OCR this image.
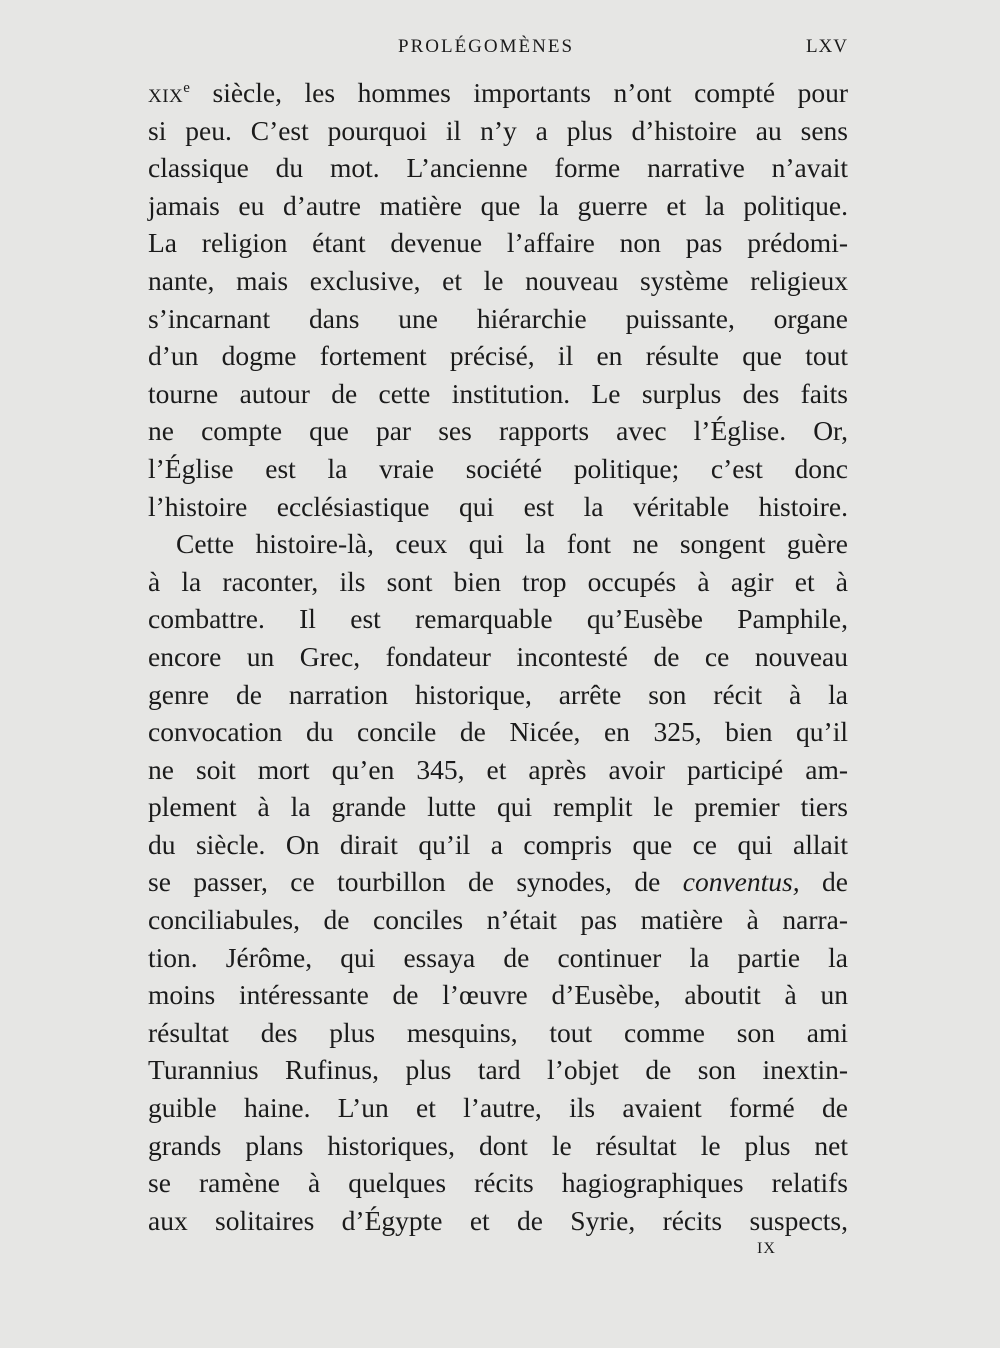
PROLÉGOMÈNES	LXV
XIXe siècle, les hommes importants n’ont compté pour
si peu. C’est pourquoi il n’y a plus d’histoire au sens
classique du mot. L’ancienne forme narrative n’avait
jamais eu d’autre matière que la guerre et la politique.
La religion étant devenue l’affaire non pas prédomi-
nante, mais exclusive, et le nouveau système religieux
s’incarnant dans une hiérarchie puissante, organe
d’un dogme fortement précisé, il en résulte que tout
tourne autour de cette institution. Le surplus des faits
ne compte que par ses rapports avec l’Église. Or,
l’Église est la vraie société politique; c’est donc
l’histoire ecclésiastique qui est la véritable histoire.
Cette histoire-là, ceux qui la font ne songent guère
à la raconter, ils sont bien trop occupés à agir et à
combattre. Il est remarquable qu’Eusèbe Pamphile,
encore un Grec, fondateur incontesté de ce nouveau
genre de narration historique, arrête son récit à la
convocation du concile de Nicée, en 325, bien qu’il
ne soit mort qu’en 345, et après avoir participé am-
plement à la grande lutte qui remplit le premier tiers
du siècle. On dirait qu’il a compris que ce qui allait
se passer, ce tourbillon de synodes, de conventus, de
conciliabules, de conciles n’était pas matière à narra-
tion. Jérôme, qui essaya de continuer la partie la
moins intéressante de l’œuvre d’Eusèbe, aboutit à un
résultat des plus mesquins, tout comme son ami
Turannius Rufinus, plus tard l’objet de son inextin-
guible haine. L’un et l’autre, ils avaient formé de
grands plans historiques, dont le résultat le plus net
se ramène à quelques récits hagiographiques relatifs
aux solitaires d’Égypte et de Syrie, récits suspects,
IX
